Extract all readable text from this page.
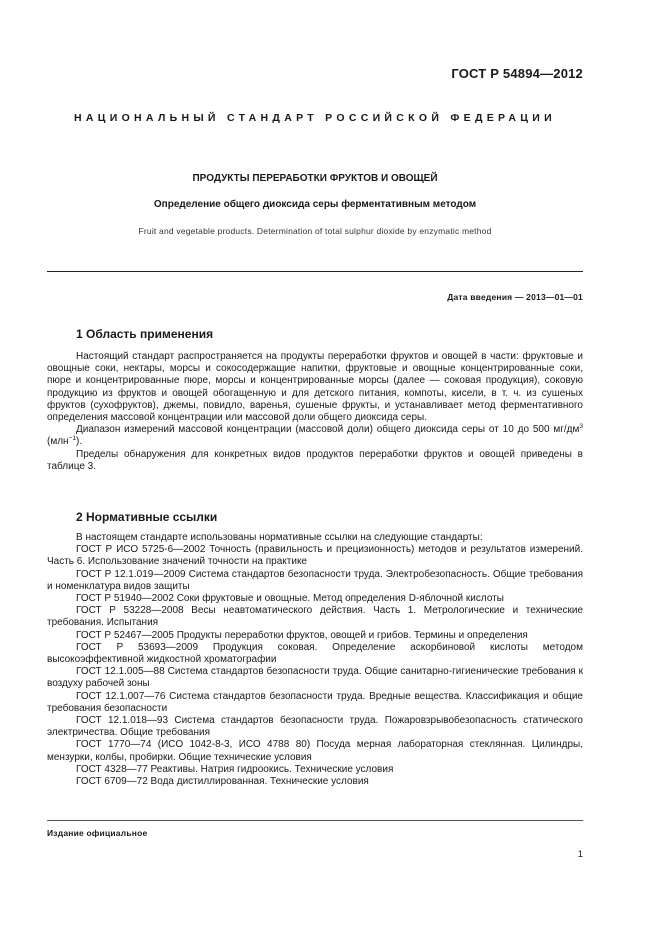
ГОСТ Р 54894—2012
НАЦИОНАЛЬНЫЙ СТАНДАРТ РОССИЙСКОЙ ФЕДЕРАЦИИ
ПРОДУКТЫ ПЕРЕРАБОТКИ ФРУКТОВ И ОВОЩЕЙ
Определение общего диоксида серы ферментативным методом
Fruit and vegetable products. Determination of total sulphur dioxide by enzymatic method
Дата введения — 2013—01—01
1 Область применения

Настоящий стандарт распространяется на продукты переработки фруктов и овощей в части: фруктовые и овощные соки, нектары, морсы и сокосодержащие напитки, фруктовые и овощные концентрированные соки, пюре и концентрированные пюре, морсы и концентрированные морсы (далее — соковая продукция), соковую продукцию из фруктов и овощей обогащенную и для детского питания, компоты, кисели, в т. ч. из сушеных фруктов (сухофруктов), джемы, повидло, варенья, сушеные фрукты, и устанавливает метод ферментативного определения массовой концентрации или массовой доли общего диоксида серы.

Диапазон измерений массовой концентрации (массовой доли) общего диоксида серы от 10 до 500 $мг/дм^3$ (млн$^{-1}$).

Пределы обнаружения для конкретных видов продуктов переработки фруктов и овощей приведены в таблице 3.

2 Нормативные ссылки

В настоящем стандарте использованы нормативные ссылки на следующие стандарты:

ГОСТ Р ИСО 5725-6—2002 Точность (правильность и прецизионность) методов и результатов измерений. Часть 6. Использование значений точности на практике

ГОСТ Р 12.1.019—2009 Система стандартов безопасности труда. Электробезопасность. Общие требования и номенклатура видов защиты

ГОСТ Р 51940—2002 Соки фруктовые и овощные. Метод определения D-яблочной кислоты

ГОСТ Р 53228—2008 Весы неавтоматического действия. Часть 1. Метрологические и технические требования. Испытания

ГОСТ Р 52467—2005 Продукты переработки фруктов, овощей и грибов. Термины и определения

ГОСТ Р 53693—2009 Продукция соковая. Определение аскорбиновой кислоты методом высокоэффективной жидкостной хроматографии

ГОСТ 12.1.005—88 Система стандартов безопасности труда. Общие санитарно-гигиенические требования к воздуху рабочей зоны

ГОСТ 12.1.007—76 Система стандартов безопасности труда. Вредные вещества. Классификация и общие требования безопасности

ГОСТ 12.1.018—93 Система стандартов безопасности труда. Пожаровзрывобезопасность статического электричества. Общие требования

ГОСТ 1770—74 (ИСО 1042-8-3, ИСО 4788 80) Посуда мерная лабораторная стеклянная. Цилиндры, мензурки, колбы, пробирки. Общие технические условия

ГОСТ 4328—77 Реактивы. Натрия гидроокись. Технические условия

ГОСТ 6709—72 Вода дистиллированная. Технические условия

Издание официальное
1
